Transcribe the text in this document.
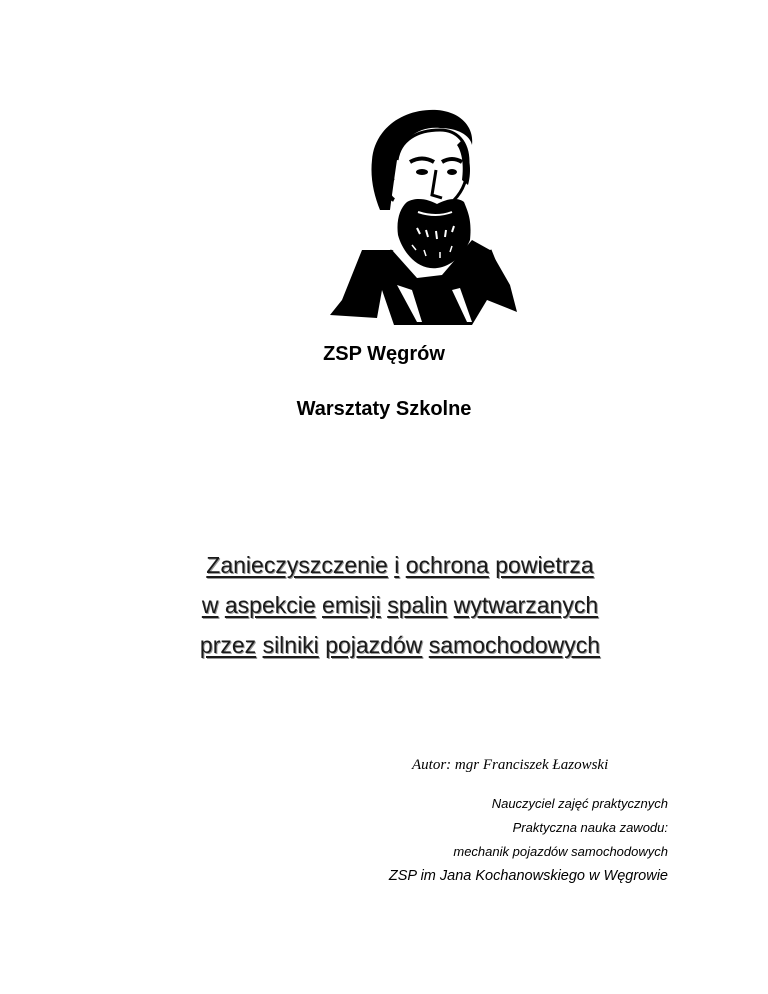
ZSP Węgrów
Warsztaty Szkolne
Zanieczyszczenie i ochrona powietrza
w aspekcie emisji spalin wytwarzanych
przez silniki pojazdów samochodowych
Autor: mgr Franciszek Łazowski
Nauczyciel zajęć praktycznych
Praktyczna nauka zawodu:
mechanik pojazdów samochodowych
ZSP im Jana Kochanowskiego w Węgrowie
